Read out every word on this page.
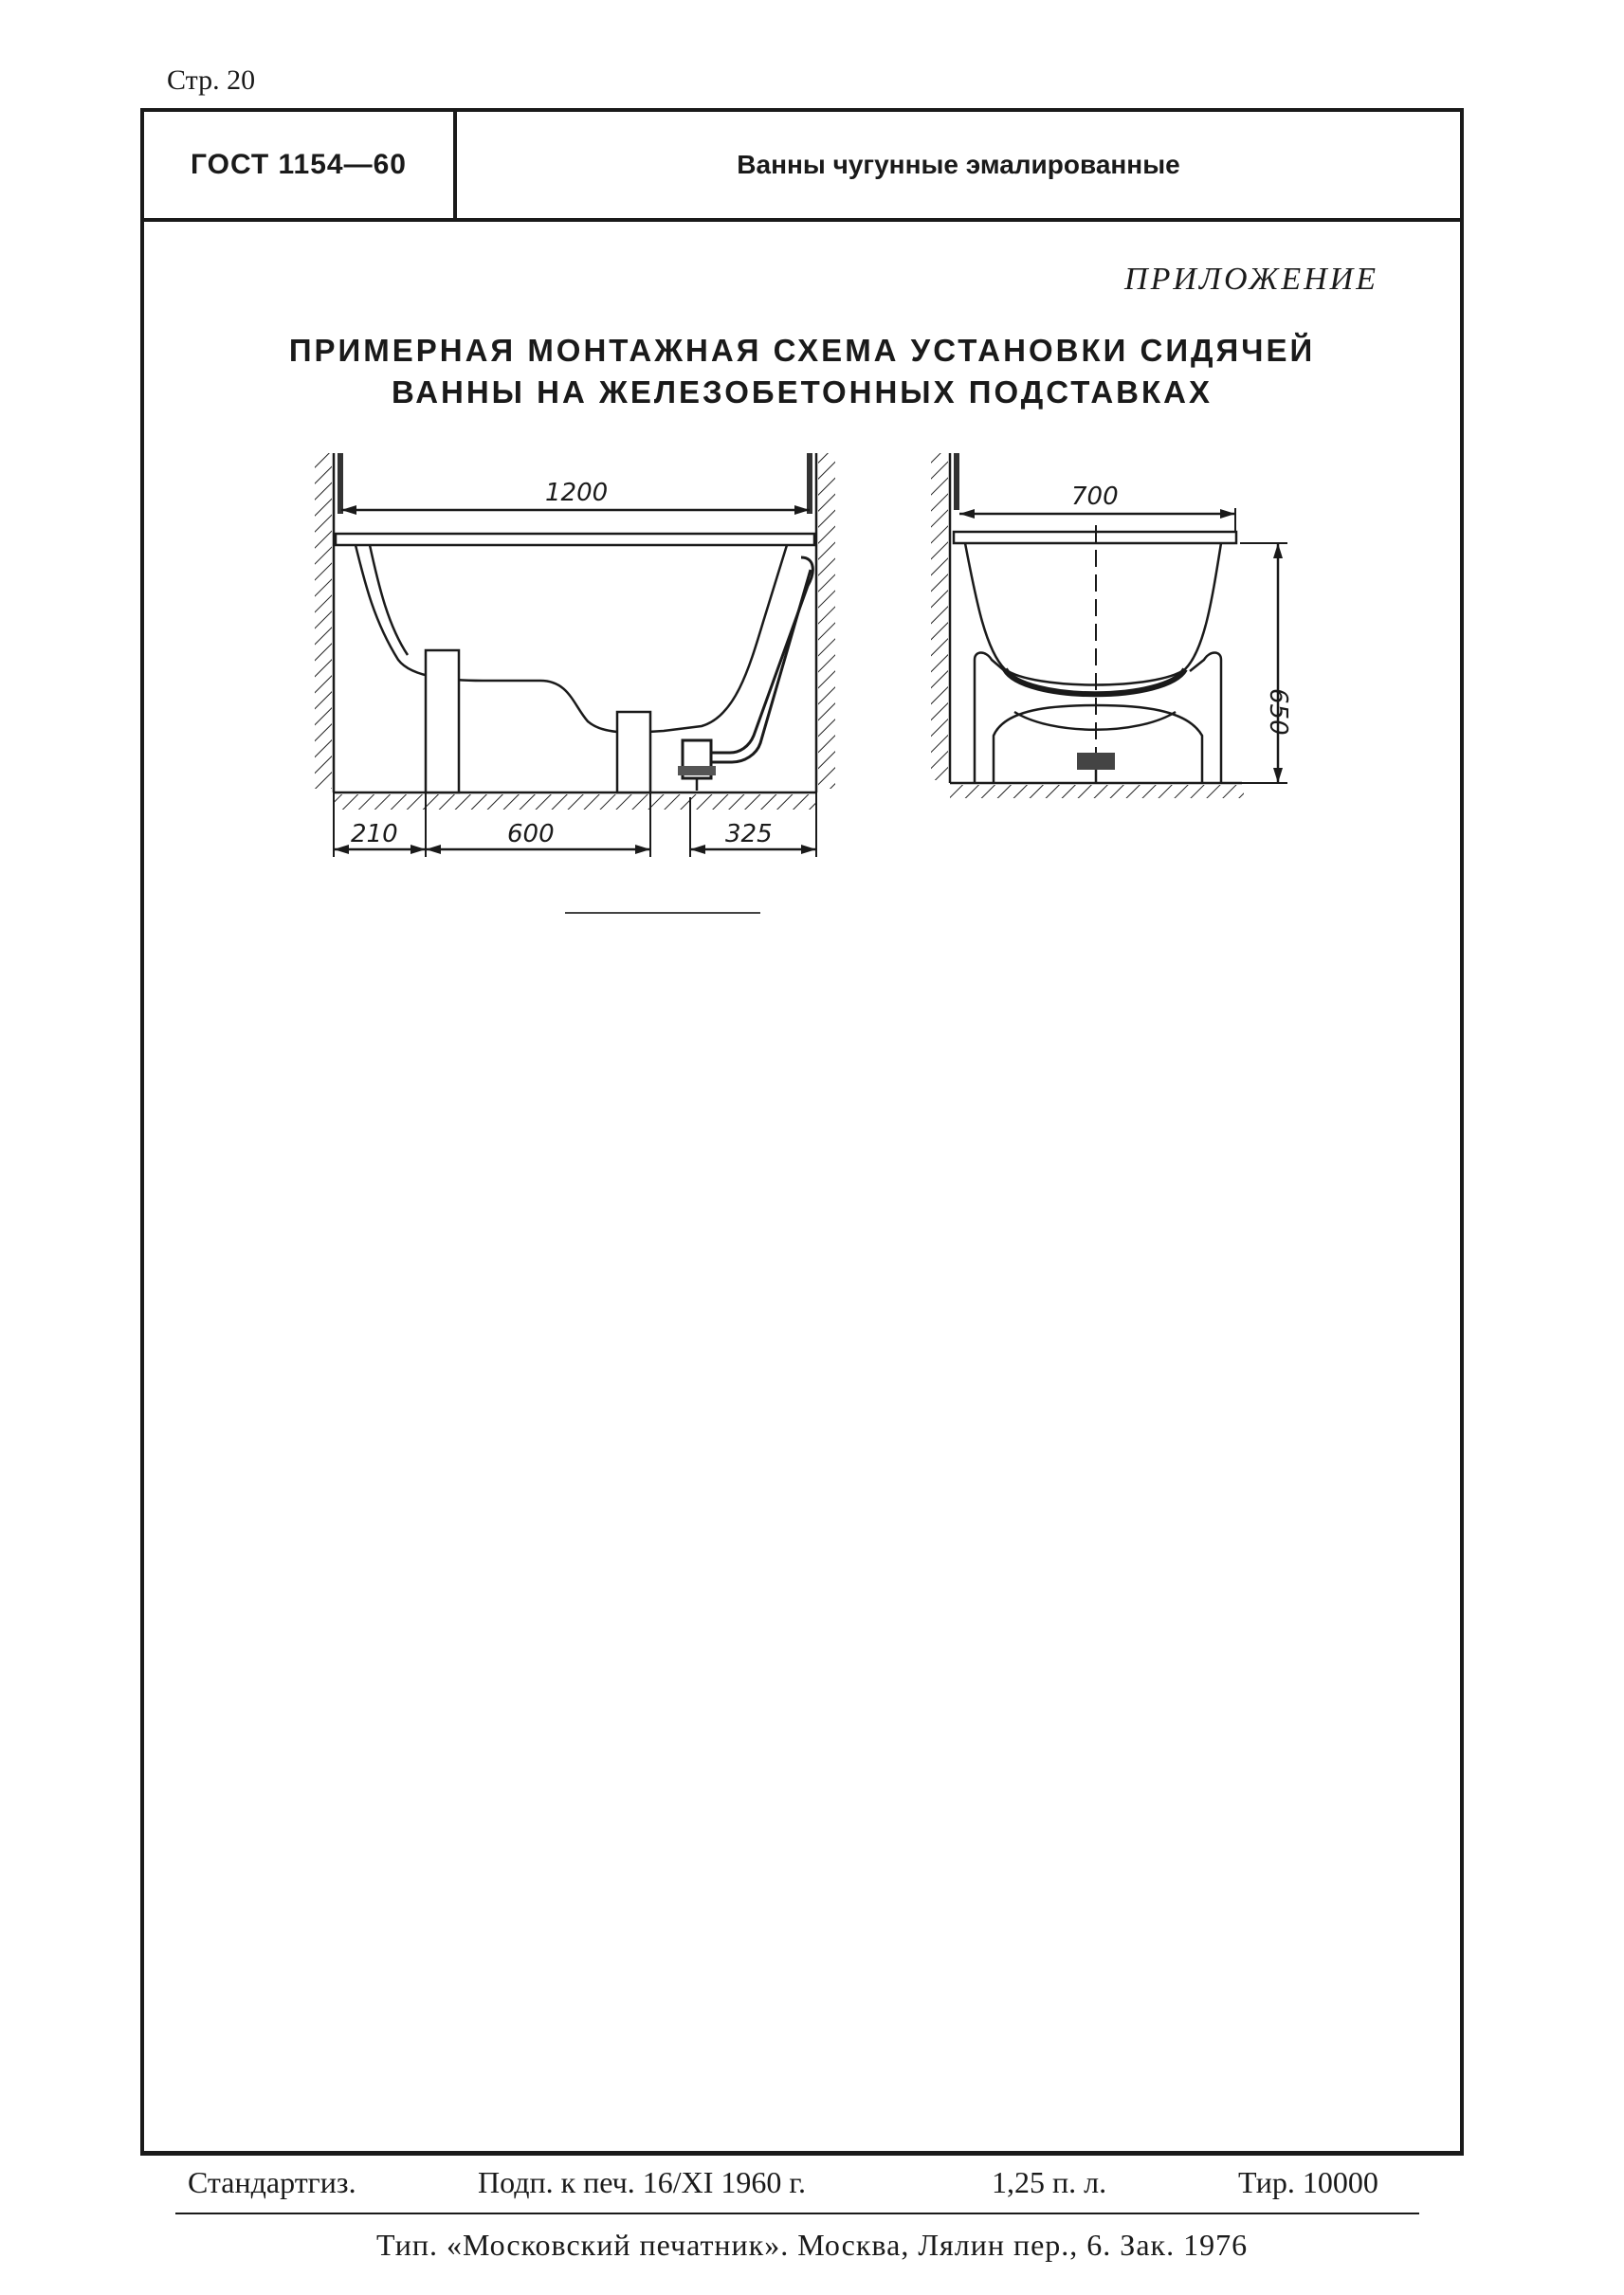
Стр. 20
ГОСТ 1154—60	Ванны чугунные эмалированные
ПРИЛОЖЕНИЕ
ПРИМЕРНАЯ МОНТАЖНАЯ СХЕМА УСТАНОВКИ СИДЯЧЕЙ
ВАННЫ НА ЖЕЛЕЗОБЕТОННЫХ ПОДСТАВКАХ
1200
210	600	325
700
650
Стандартгиз.	Подп. к печ. 16/XI 1960 г.	1,25 п. л.	Тир. 10000
Тип. «Московский печатник». Москва, Лялин пер., 6. Зак. 1976
